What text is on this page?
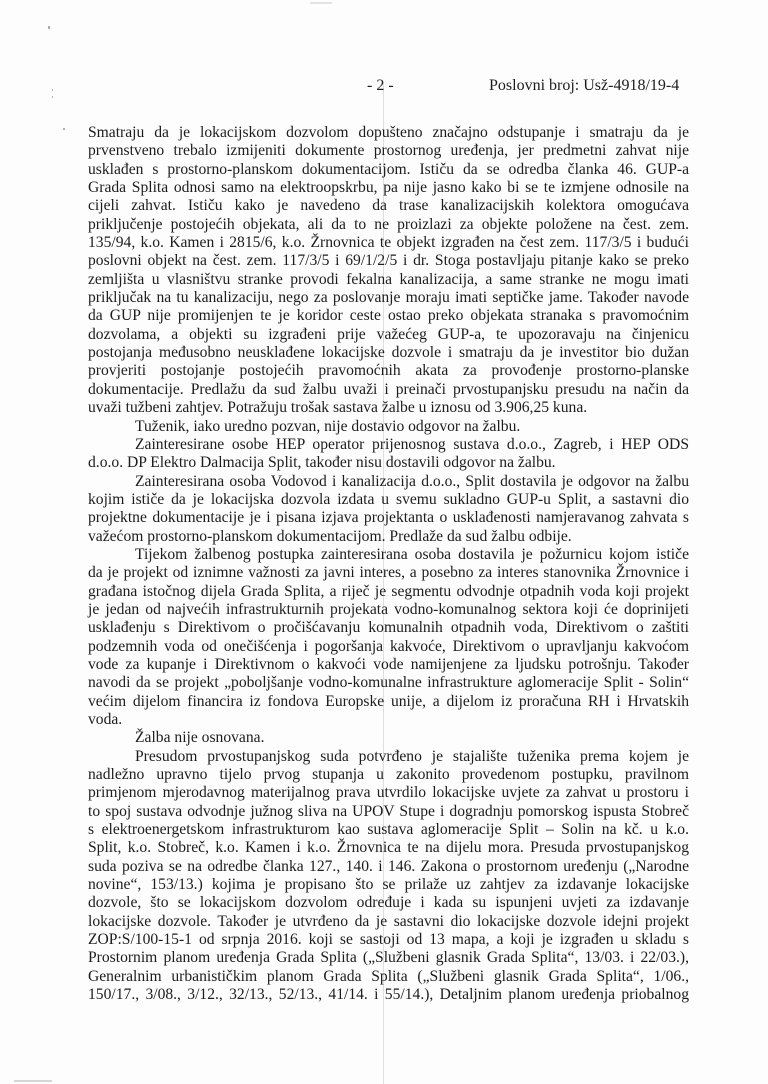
- 2 -	Poslovni broj: Usž-4918/19-4
Smatraju da je lokacijskom dozvolom dopušteno značajno odstupanje i smatraju da je
prvenstveno trebalo izmijeniti dokumente prostornog uređenja, jer predmetni zahvat nije
usklađen s prostorno-planskom dokumentacijom. Ističu da se odredba članka 46. GUP-a
Grada Splita odnosi samo na elektroopskrbu, pa nije jasno kako bi se te izmjene odnosile na
cijeli zahvat. Ističu kako je navedeno da trase kanalizacijskih kolektora omogućava
priključenje postojećih objekata, ali da to ne proizlazi za objekte položene na čest. zem.
135/94, k.o. Kamen i 2815/6, k.o. Žrnovnica te objekt izgrađen na čest zem. 117/3/5 i budući
poslovni objekt na čest. zem. 117/3/5 i 69/1/2/5 i dr. Stoga postavljaju pitanje kako se preko
zemljišta u vlasništvu stranke provodi fekalna kanalizacija, a same stranke ne mogu imati
priključak na tu kanalizaciju, nego za poslovanje moraju imati septičke jame. Također navode
da GUP nije promijenjen te je koridor ceste ostao preko objekata stranaka s pravomoćnim
dozvolama, a objekti su izgrađeni prije važećeg GUP-a, te upozoravaju na činjenicu
postojanja međusobno neusklađene lokacijske dozvole i smatraju da je investitor bio dužan
provjeriti postojanje postojećih pravomoćnih akata za provođenje prostorno-planske
dokumentacije. Predlažu da sud žalbu uvaži i preinači prvostupanjsku presudu na način da
uvaži tužbeni zahtjev. Potražuju trošak sastava žalbe u iznosu od 3.906,25 kuna.
Tuženik, iako uredno pozvan, nije dostavio odgovor na žalbu.
Zainteresirane osobe HEP operator prijenosnog sustava d.o.o., Zagreb, i HEP ODS
d.o.o. DP Elektro Dalmacija Split, također nisu dostavili odgovor na žalbu.
Zainteresirana osoba Vodovod i kanalizacija d.o.o., Split dostavila je odgovor na žalbu
kojim ističe da je lokacijska dozvola izdata u svemu sukladno GUP-u Split, a sastavni dio
projektne dokumentacije je i pisana izjava projektanta o usklađenosti namjeravanog zahvata s
važećom prostorno-planskom dokumentacijom. Predlaže da sud žalbu odbije.
Tijekom žalbenog postupka zainteresirana osoba dostavila je požurnicu kojom ističe
da je projekt od iznimne važnosti za javni interes, a posebno za interes stanovnika Žrnovnice i
građana istočnog dijela Grada Splita, a riječ je segmentu odvodnje otpadnih voda koji projekt
je jedan od najvećih infrastrukturnih projekata vodno-komunalnog sektora koji će doprinijeti
usklađenju s Direktivom o pročišćavanju komunalnih otpadnih voda, Direktivom o zaštiti
podzemnih voda od onečišćenja i pogoršanja kakvoće, Direktivom o upravljanju kakvoćom
vode za kupanje i Direktivnom o kakvoći vode namijenjene za ljudsku potrošnju. Također
navodi da se projekt „poboljšanje vodno-komunalne infrastrukture aglomeracije Split - Solin“
većim dijelom financira iz fondova Europske unije, a dijelom iz proračuna RH i Hrvatskih
voda.
Žalba nije osnovana.
Presudom prvostupanjskog suda potvrđeno je stajalište tuženika prema kojem je
nadležno upravno tijelo prvog stupanja u zakonito provedenom postupku, pravilnom
primjenom mjerodavnog materijalnog prava utvrdilo lokacijske uvjete za zahvat u prostoru i
to spoj sustava odvodnje južnog sliva na UPOV Stupe i dogradnju pomorskog ispusta Stobreč
s elektroenergetskom infrastrukturom kao sustava aglomeracije Split – Solin na kč. u k.o.
Split, k.o. Stobreč, k.o. Kamen i k.o. Žrnovnica te na dijelu mora. Presuda prvostupanjskog
suda poziva se na odredbe članka 127., 140. i 146. Zakona o prostornom uređenju („Narodne
novine“, 153/13.) kojima je propisano što se prilaže uz zahtjev za izdavanje lokacijske
dozvole, što se lokacijskom dozvolom određuje i kada su ispunjeni uvjeti za izdavanje
lokacijske dozvole. Također je utvrđeno da je sastavni dio lokacijske dozvole idejni projekt
ZOP:S/100-15-1 od srpnja 2016. koji se sastoji od 13 mapa, a koji je izgrađen u skladu s
Prostornim planom uređenja Grada Splita („Službeni glasnik Grada Splita“, 13/03. i 22/03.),
Generalnim urbanističkim planom Grada Splita („Službeni glasnik Grada Splita“, 1/06.,
150/17., 3/08., 3/12., 32/13., 52/13., 41/14. i 55/14.), Detaljnim planom uređenja priobalnog
